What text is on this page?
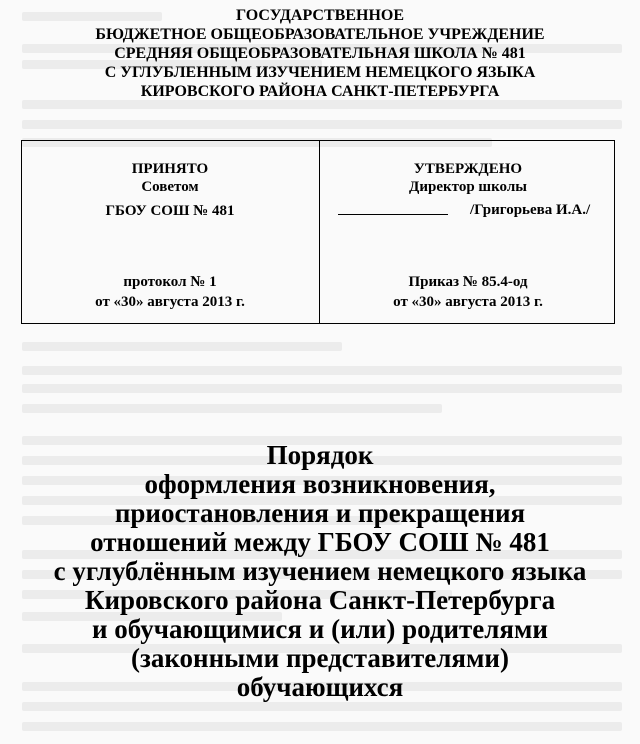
ГОСУДАРСТВЕННОЕ
БЮДЖЕТНОЕ ОБЩЕОБРАЗОВАТЕЛЬНОЕ УЧРЕЖДЕНИЕ
СРЕДНЯЯ ОБЩЕОБРАЗОВАТЕЛЬНАЯ ШКОЛА № 481
С УГЛУБЛЕННЫМ ИЗУЧЕНИЕМ НЕМЕЦКОГО ЯЗЫКА
КИРОВСКОГО РАЙОНА САНКТ-ПЕТЕРБУРГА
ПРИНЯТО
Советом
ГБОУ СОШ № 481
протокол № 1
от «30» августа 2013 г.
УТВЕРЖДЕНО
Директор школы
/Григорьева И.А./
Приказ № 85.4-од
от «30» августа 2013 г.
Порядок
оформления возникновения,
приостановления и прекращения
отношений между ГБОУ СОШ № 481
с углублённым изучением немецкого языка
Кировского района Санкт-Петербурга
и обучающимися и (или) родителями
(законными представителями)
обучающихся
